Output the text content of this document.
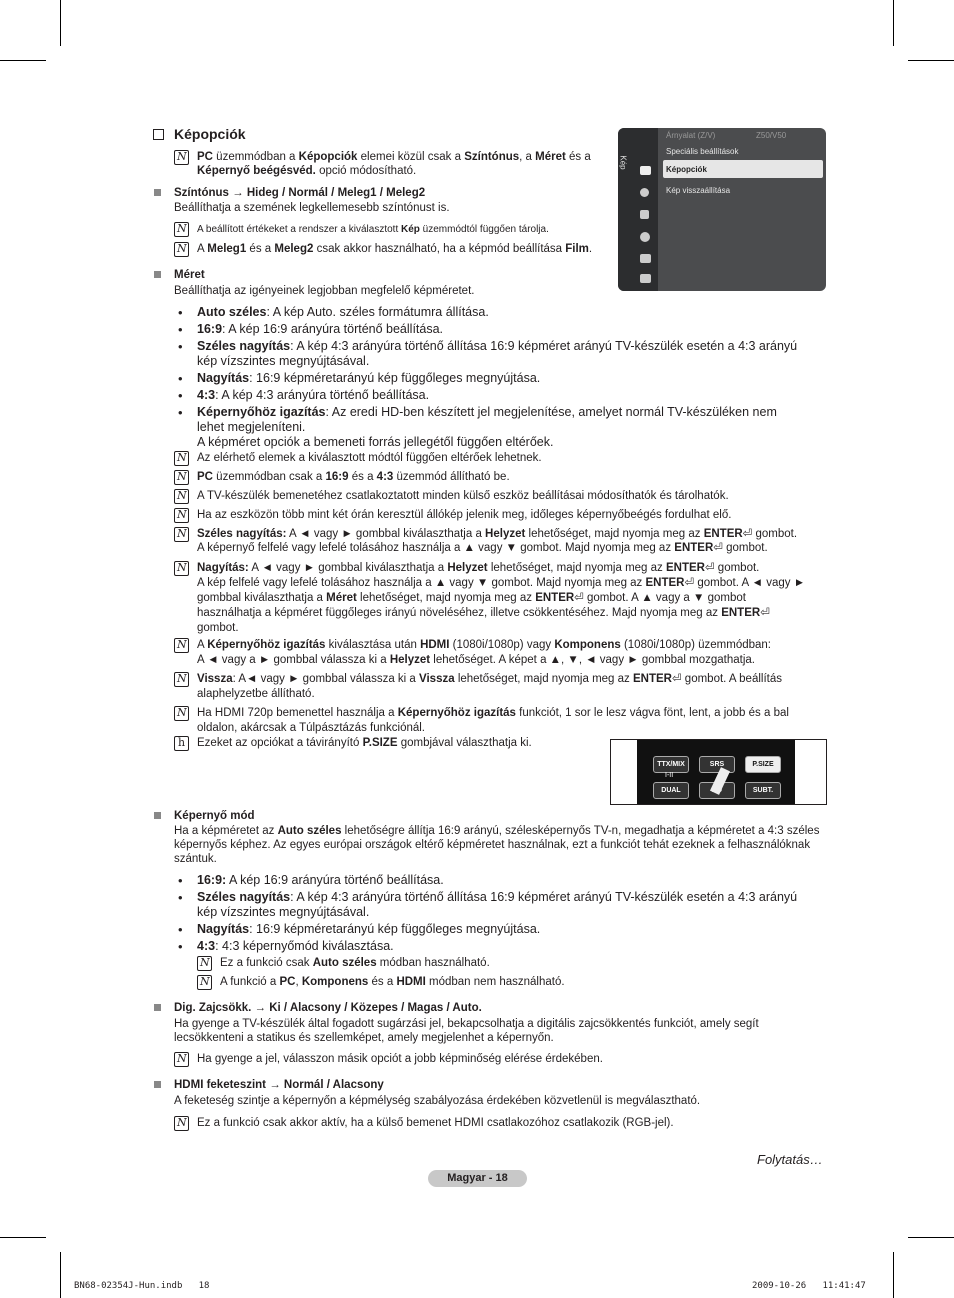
Képopciók
N
PC üzemmódban a Képopciók elemei közül csak a Színtónus, a Méret és a Képernyő beégésvéd. opció módosítható.
Színtónus → Hideg / Normál / Meleg1 / Meleg2
Beállíthatja a szemének legkellemesebb színtónust is.
N
A beállított értékeket a rendszer a kiválasztott Kép üzemmódtól függően tárolja.
N
A Meleg1 és a Meleg2 csak akkor használható, ha a képmód beállítása Film.
Kép
Árnyalat (Z/V)	Z50/V50
Speciális beállítások
Képopciók
Kép visszaállítása
Méret
Beállíthatja az igényeinek legjobban megfelelő képméretet.
• Auto széles: A kép Auto. széles formátumra állítása.
• 16:9: A kép 16:9 arányúra történő beállítása.
• Széles nagyítás: A kép 4:3 arányúra történő állítása 16:9 képméret arányú TV-készülék esetén a 4:3 arányú
kép vízszintes megnyújtásával.
• Nagyítás: 16:9 képméretarányú kép függőleges megnyújtása.
• 4:3: A kép 4:3 arányúra történő beállítása.
• Képernyőhöz igazítás: Az eredi HD-ben készített jel megjelenítése, amelyet normál TV-készüléken nem
lehet megjeleníteni.
A képméret opciók a bemeneti forrás jellegétől függően eltérőek.
N
Az elérhető elemek a kiválasztott módtól függően eltérőek lehetnek.
N
PC üzemmódban csak a 16:9 és a 4:3 üzemmód állítható be.
N
A TV-készülék bemenetéhez csatlakoztatott minden külső eszköz beállításai módosíthatók és tárolhatók.
N
Ha az eszközön több mint két órán keresztül állókép jelenik meg, időleges képernyőbeégés fordulhat elő.
N
Széles nagyítás: A ◄ vagy ► gombbal kiválaszthatja a Helyzet lehetőséget, majd nyomja meg az ENTER⏎ gombot.
A képernyő felfelé vagy lefelé tolásához használja a ▲ vagy ▼ gombot. Majd nyomja meg az ENTER⏎ gombot.
N
Nagyítás: A ◄ vagy ► gombbal kiválaszthatja a Helyzet lehetőséget, majd nyomja meg az ENTER⏎ gombot.
A kép felfelé vagy lefelé tolásához használja a ▲ vagy ▼ gombot. Majd nyomja meg az ENTER⏎ gombot. A ◄ vagy ►
gombbal kiválaszthatja a Méret lehetőséget, majd nyomja meg az ENTER⏎ gombot. A ▲ vagy a ▼ gombot
használhatja a képméret függőleges irányú növeléséhez, illetve csökkentéséhez. Majd nyomja meg az ENTER⏎
gombot.
N
A Képernyőhöz igazítás kiválasztása után HDMI (1080i/1080p) vagy Komponens (1080i/1080p) üzemmódban:
A ◄ vagy a ► gombbal válassza ki a Helyzet lehetőséget. A képet a ▲, ▼, ◄ vagy ► gombbal mozgathatja.
N
Vissza: A◄ vagy ► gombbal válassza ki a Vissza lehetőséget, majd nyomja meg az ENTER⏎ gombot. A beállítás
alaphelyzetbe állítható.
N
Ha HDMI 720p bemenettel használja a Képernyőhöz igazítás funkciót, 1 sor le lesz vágva fönt, lent, a jobb és a bal
oldalon, akárcsak a Túlpásztázás funkciónál.
h
Ezeket az opciókat a távirányító P.SIZE gombjával választhatja ki.
TTX/MIX	SRS	P.SIZE
DUAL	SUBT.
I-II
Képernyő mód
Ha a képméretet az Auto széles lehetőségre állítja 16:9 arányú, szélesképernyős TV-n, megadhatja a képméretet a 4:3 széles
képernyős képhez. Az egyes európai országok eltérő képméretet használnak, ezt a funkciót tehát ezeknek a felhasználóknak
szántuk.
• 16:9: A kép 16:9 arányúra történő beállítása.
• Széles nagyítás: A kép 4:3 arányúra történő állítása 16:9 képméret arányú TV-készülék esetén a 4:3 arányú
kép vízszintes megnyújtásával.
• Nagyítás: 16:9 képméretarányú kép függőleges megnyújtása.
• 4:3: 4:3 képernyőmód kiválasztása.
N
Ez a funkció csak Auto széles módban használható.
N
A funkció a PC, Komponens és a HDMI módban nem használható.
Dig. Zajcsökk. → Ki / Alacsony / Közepes / Magas / Auto.
Ha gyenge a TV-készülék által fogadott sugárzási jel, bekapcsolhatja a digitális zajcsökkentés funkciót, amely segít
lecsökkenteni a statikus és szellemképet, amely megjelenhet a képernyőn.
N
Ha gyenge a jel, válasszon másik opciót a jobb képminőség elérése érdekében.
HDMI feketeszint → Normál / Alacsony
A feketeség szintje a képernyőn a képmélység szabályozása érdekében közvetlenül is megválasztható.
N
Ez a funkció csak akkor aktív, ha a külső bemenet HDMI csatlakozóhoz csatlakozik (RGB-jel).
Folytatás…
Magyar - 18
BN68-02354J-Hun.indb   18	2009-10-26   11:41:47
